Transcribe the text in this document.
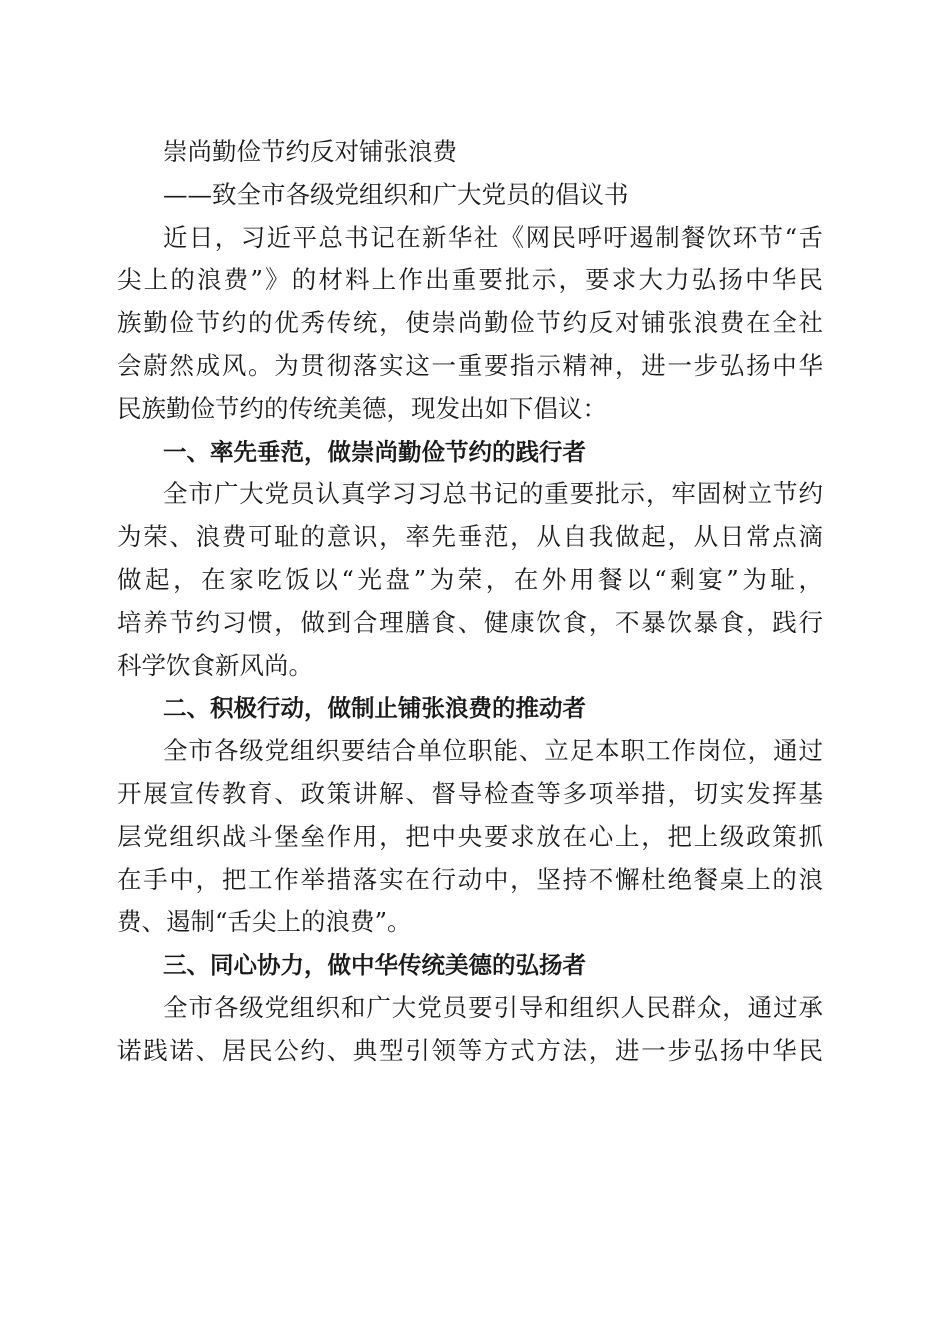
崇尚勤俭节约反对铺张浪费
——致全市各级党组织和广大党员的倡议书
近日，习近平总书记在新华社《网民呼吁遏制餐饮环节“舌
尖上的浪费”》的材料上作出重要批示，要求大力弘扬中华民
族勤俭节约的优秀传统，使崇尚勤俭节约反对铺张浪费在全社
会蔚然成风。为贯彻落实这一重要指示精神，进一步弘扬中华
民族勤俭节约的传统美德，现发出如下倡议：
一、率先垂范，做崇尚勤俭节约的践行者
全市广大党员认真学习习总书记的重要批示，牢固树立节约
为荣、浪费可耻的意识，率先垂范，从自我做起，从日常点滴
做起，在家吃饭以“光盘”为荣，在外用餐以“剩宴”为耻，
培养节约习惯，做到合理膳食、健康饮食，不暴饮暴食，践行
科学饮食新风尚。
二、积极行动，做制止铺张浪费的推动者
全市各级党组织要结合单位职能、立足本职工作岗位，通过
开展宣传教育、政策讲解、督导检查等多项举措，切实发挥基
层党组织战斗堡垒作用，把中央要求放在心上，把上级政策抓
在手中，把工作举措落实在行动中，坚持不懈杜绝餐桌上的浪
费、遏制“舌尖上的浪费”。
三、同心协力，做中华传统美德的弘扬者
全市各级党组织和广大党员要引导和组织人民群众，通过承
诺践诺、居民公约、典型引领等方式方法，进一步弘扬中华民
